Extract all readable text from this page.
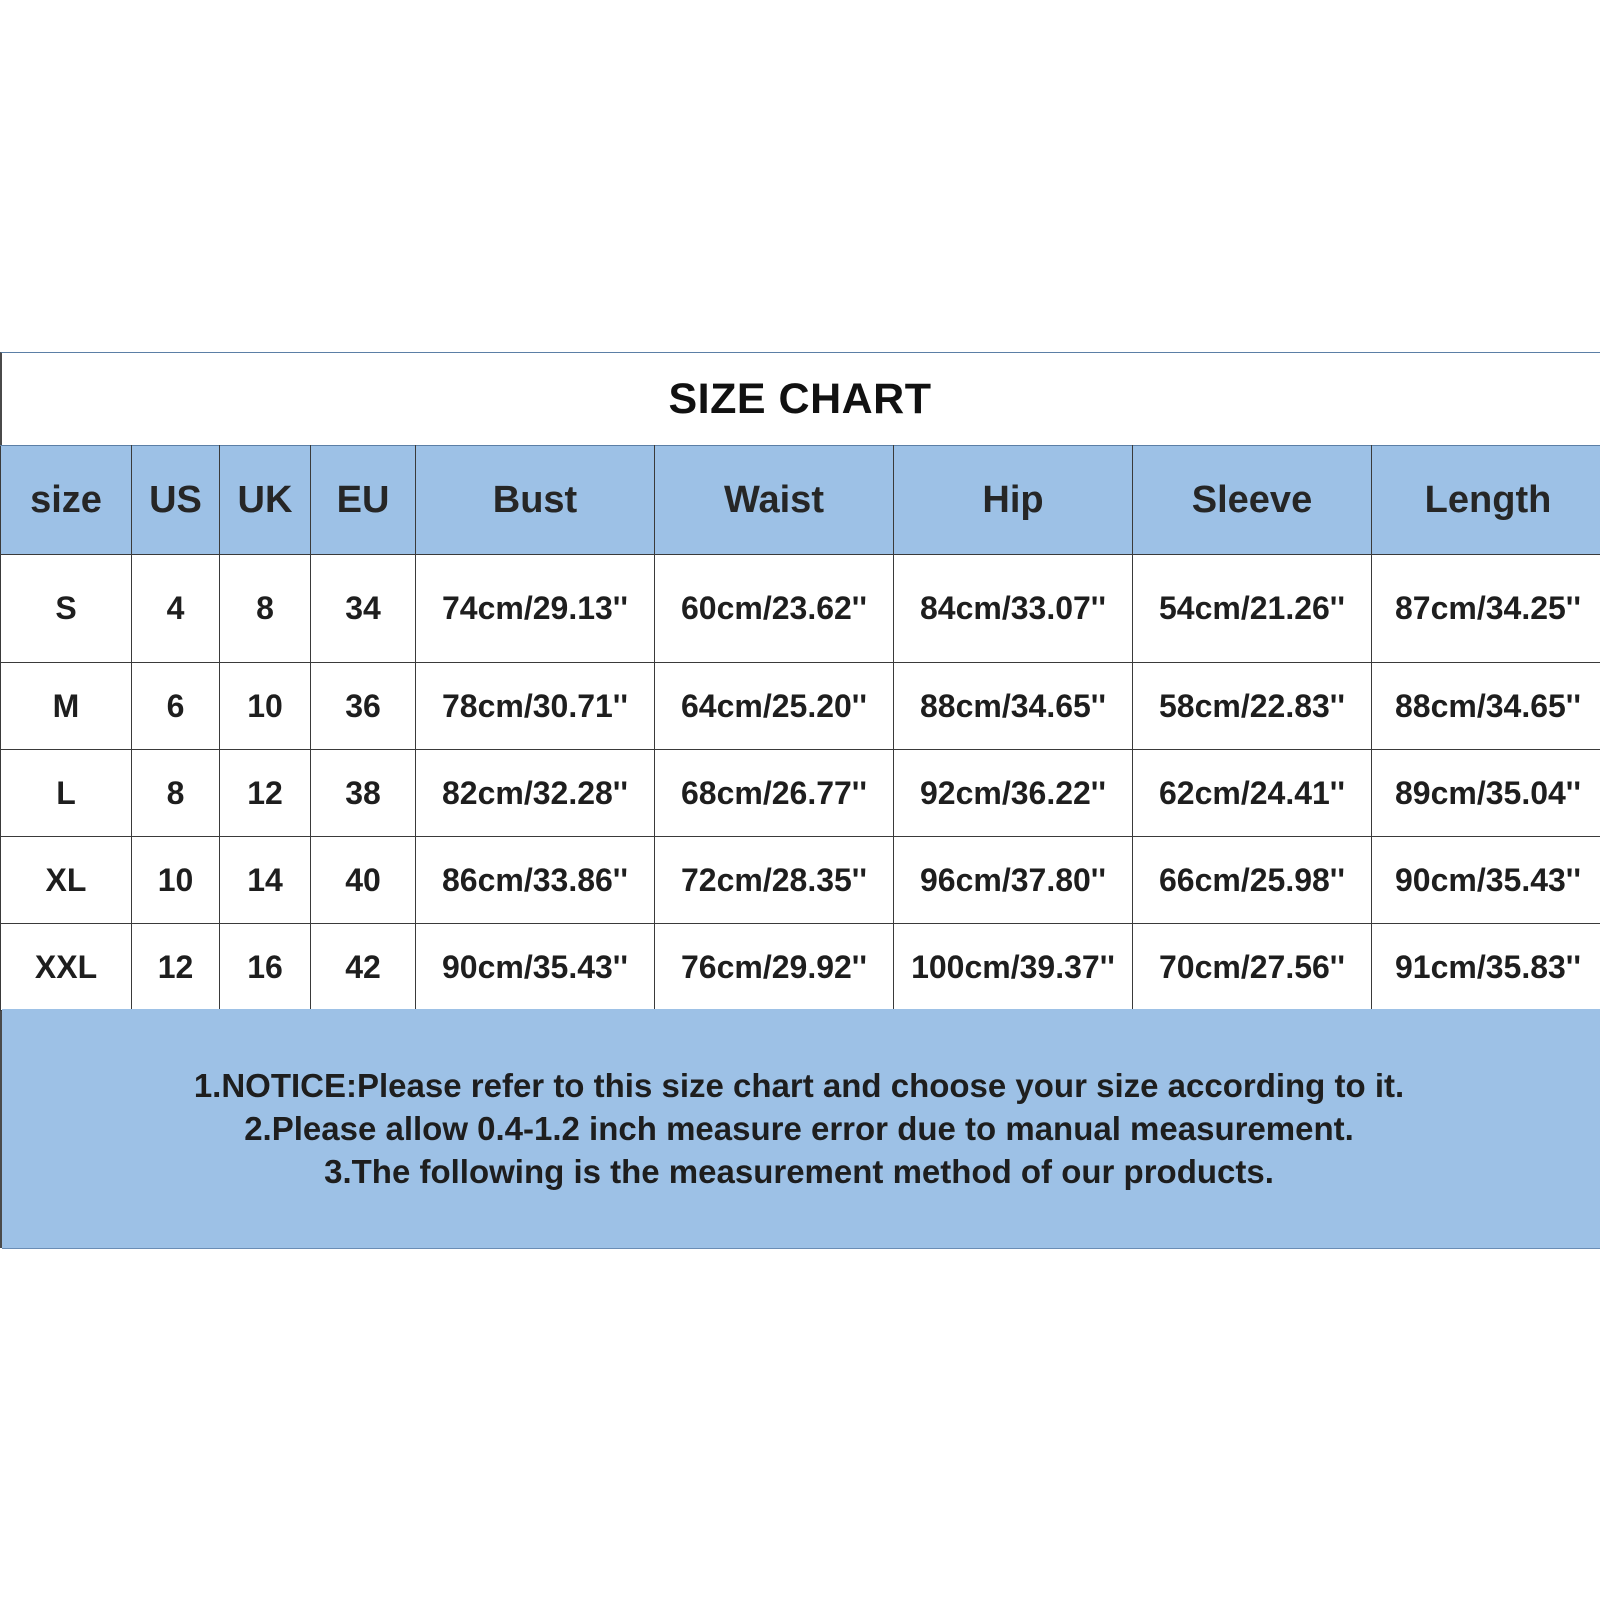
SIZE CHART
size	US	UK	EU	Bust	Waist	Hip	Sleeve	Length
S	4	8	34	74cm/29.13''	60cm/23.62''	84cm/33.07''	54cm/21.26''	87cm/34.25''
M	6	10	36	78cm/30.71''	64cm/25.20''	88cm/34.65''	58cm/22.83''	88cm/34.65''
L	8	12	38	82cm/32.28''	68cm/26.77''	92cm/36.22''	62cm/24.41''	89cm/35.04''
XL	10	14	40	86cm/33.86''	72cm/28.35''	96cm/37.80''	66cm/25.98''	90cm/35.43''
XXL	12	16	42	90cm/35.43''	76cm/29.92''	100cm/39.37''	70cm/27.56''	91cm/35.83''
1.NOTICE:Please refer to this size chart and choose your size according to it.
2.Please allow 0.4-1.2 inch measure error due to manual measurement.
3.The following is the measurement method of our products.
